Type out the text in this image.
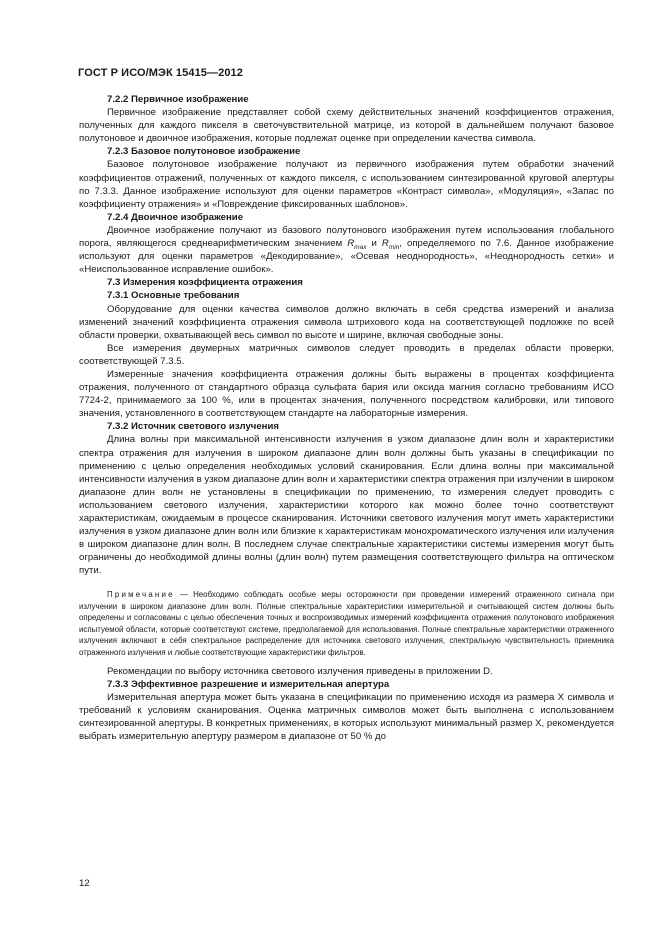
ГОСТ Р ИСО/МЭК 15415—2012
7.2.2 Первичное изображение

Первичное изображение представляет собой схему действительных значений коэффициентов отражения, полученных для каждого пикселя в светочувствительной матрице, из которой в дальнейшем получают базовое полутоновое и двоичное изображения, которые подлежат оценке при определении качества символа.

7.2.3 Базовое полутоновое изображение

Базовое полутоновое изображение получают из первичного изображения путем обработки значений коэффициентов отражений, полученных от каждого пикселя, с использованием синтезированной круговой апертуры по 7.3.3. Данное изображение используют для оценки параметров «Контраст символа», «Модуляция», «Запас по коэффициенту отражения» и «Повреждение фиксированных шаблонов».

7.2.4 Двоичное изображение

Двоичное изображение получают из базового полутонового изображения путем использования глобального порога, являющегося среднеарифметическим значением $R_{max}$ и $R_{min}$, определяемого по 7.6. Данное изображение используют для оценки параметров «Декодирование», «Осевая неоднородность», «Неоднородность сетки» и «Неиспользованное исправление ошибок».

7.3 Измерения коэффициента отражения
7.3.1 Основные требования

Оборудование для оценки качества символов должно включать в себя средства измерений и анализа изменений значений коэффициента отражения символа штрихового кода на соответствующей подложке по всей области проверки, охватывающей весь символ по высоте и ширине, включая свободные зоны.

Все измерения двумерных матричных символов следует проводить в пределах области проверки, соответствующей 7.3.5.

Измеренные значения коэффициента отражения должны быть выражены в процентах коэффициента отражения, полученного от стандартного образца сульфата бария или оксида магния согласно требованиям ИСО 7724-2, принимаемого за 100 %, или в процентах значения, полученного посредством калибровки, или типового значения, установленного в соответствующем стандарте на лабораторные измерения.

7.3.2 Источник светового излучения

Длина волны при максимальной интенсивности излучения в узком диапазоне длин волн и характеристики спектра отражения для излучения в широком диапазоне длин волн должны быть указаны в спецификации по применению с целью определения необходимых условий сканирования. Если длина волны при максимальной интенсивности излучения в узком диапазоне длин волн и характеристики спектра отражения при излучении в широком диапазоне длин волн не установлены в спецификации по применению, то измерения следует проводить с использованием светового излучения, характеристики которого как можно более точно соответствуют характеристикам, ожидаемым в процессе сканирования. Источники светового излучения могут иметь характеристики излучения в узком диапазоне длин волн или близкие к характеристикам монохроматического излучения или излучения в широком диапазоне длин волн. В последнем случае спектральные характеристики системы измерения могут быть ограничены до необходимой длины волны (длин волн) путем размещения соответствующего фильтра на оптическом пути.

Примечание — Необходимо соблюдать особые меры осторожности при проведении измерений отраженного сигнала при излучении в широком диапазоне длин волн. Полные спектральные характеристики измерительной и считывающей систем должны быть определены и согласованы с целью обеспечения точных и воспроизводимых измерений коэффициента отражения полутонового изображения испытуемой области, которые соответствуют системе, предполагаемой для использования. Полные спектральные характеристики отраженного излучения включают в себя спектральное распределение для источника светового излучения, спектральную чувствительность приемника отраженного излучения и любые соответствующие характеристики фильтров.

Рекомендации по выбору источника светового излучения приведены в приложении D.

7.3.3 Эффективное разрешение и измерительная апертура

Измерительная апертура может быть указана в спецификации по применению исходя из размера X символа и требований к условиям сканирования. Оценка матричных символов может быть выполнена с использованием синтезированной апертуры. В конкретных применениях, в которых используют минимальный размер X, рекомендуется выбрать измерительную апертуру размером в диапазоне от 50 % до

12
